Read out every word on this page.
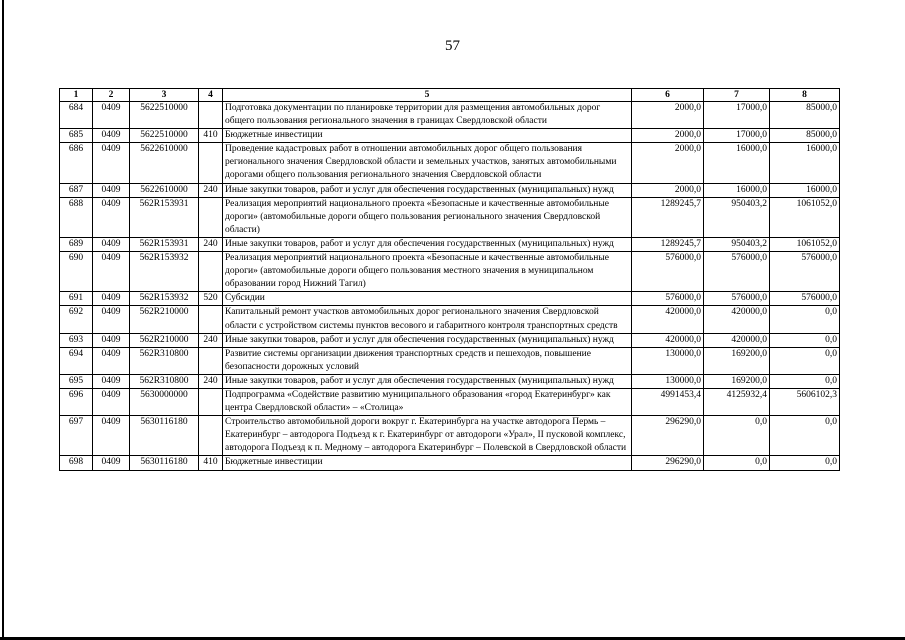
57
1	2	3	4	5	6	7	8
684	0409	5622510000		Подготовка документации по планировке территории для размещения автомобильных дорог общего пользования регионального значения в границах Свердловской области	2000,0	17000,0	85000,0
685	0409	5622510000	410	Бюджетные инвестиции	2000,0	17000,0	85000,0
686	0409	5622610000		Проведение кадастровых работ в отношении автомобильных дорог общего пользования регионального значения Свердловской области и земельных участков, занятых автомобильными дорогами общего пользования регионального значения Свердловской области	2000,0	16000,0	16000,0
687	0409	5622610000	240	Иные закупки товаров, работ и услуг для обеспечения государственных (муниципальных) нужд	2000,0	16000,0	16000,0
688	0409	562R153931		Реализация мероприятий национального проекта «Безопасные и качественные автомобильные дороги» (автомобильные дороги общего пользования регионального значения Свердловской области)	1289245,7	950403,2	1061052,0
689	0409	562R153931	240	Иные закупки товаров, работ и услуг для обеспечения государственных (муниципальных) нужд	1289245,7	950403,2	1061052,0
690	0409	562R153932		Реализация мероприятий национального проекта «Безопасные и качественные автомобильные дороги» (автомобильные дороги общего пользования местного значения в муниципальном образовании город Нижний Тагил)	576000,0	576000,0	576000,0
691	0409	562R153932	520	Субсидии	576000,0	576000,0	576000,0
692	0409	562R210000		Капитальный ремонт участков автомобильных дорог регионального значения Свердловской области с устройством системы пунктов весового и габаритного контроля транспортных средств	420000,0	420000,0	0,0
693	0409	562R210000	240	Иные закупки товаров, работ и услуг для обеспечения государственных (муниципальных) нужд	420000,0	420000,0	0,0
694	0409	562R310800		Развитие системы организации движения транспортных средств и пешеходов, повышение безопасности дорожных условий	130000,0	169200,0	0,0
695	0409	562R310800	240	Иные закупки товаров, работ и услуг для обеспечения государственных (муниципальных) нужд	130000,0	169200,0	0,0
696	0409	5630000000		Подпрограмма «Содействие развитию муниципального образования «город Екатеринбург» как центра Свердловской области» – «Столица»	4991453,4	4125932,4	5606102,3
697	0409	5630116180		Строительство автомобильной дороги вокруг г. Екатеринбурга на участке автодорога Пермь – Екатеринбург – автодорога Подъезд к г. Екатеринбург от автодороги «Урал», II пусковой комплекс, автодорога Подъезд к п. Медному – автодорога Екатеринбург – Полевской в Свердловской области	296290,0	0,0	0,0
698	0409	5630116180	410	Бюджетные инвестиции	296290,0	0,0	0,0
